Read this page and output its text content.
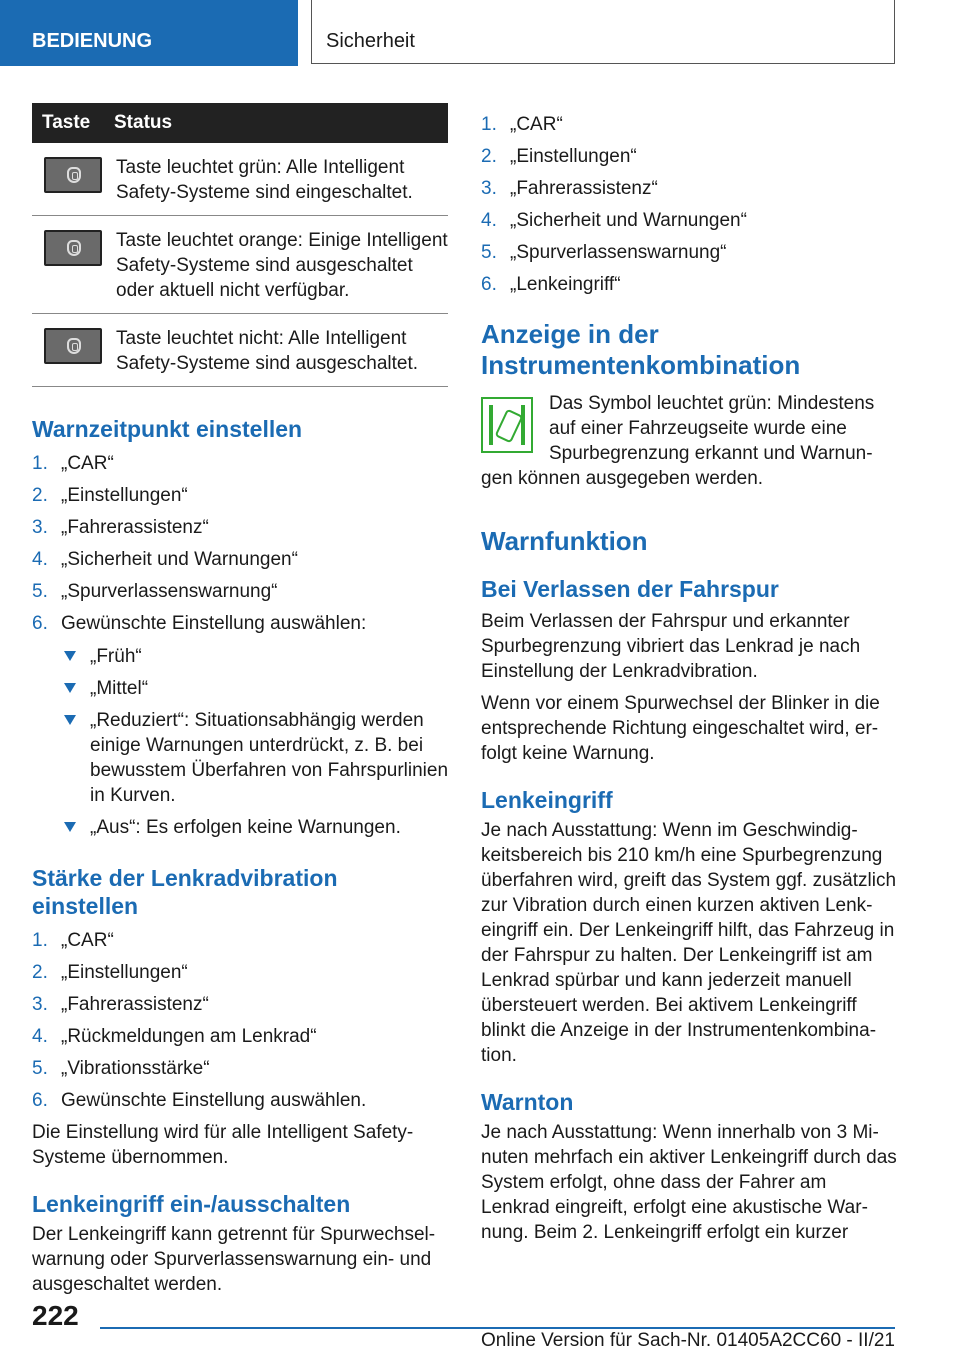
BEDIENUNG	Sicherheit
Taste	Status

	Taste leuchtet grün: Alle Intelligent Safety-Systeme sind eingeschaltet.

	Taste leuchtet orange: Einige Intelligent Safety-Systeme sind ausgeschaltet oder aktuell nicht verfügbar.

	Taste leuchtet nicht: Alle Intelligent Safety-Systeme sind ausgeschaltet.
Warnzeitpunkt einstellen
1. „CAR“
2. „Einstellungen“
3. „Fahrerassistenz“
4. „Sicherheit und Warnungen“
5. „Spurverlassenswarnung“
6. Gewünschte Einstellung auswählen:
„Früh“
„Mittel“
„Reduziert“: Situationsabhängig werden einige Warnungen unterdrückt, z. B. bei bewusstem Überfahren von Fahrspurlinien in Kurven.
„Aus“: Es erfolgen keine Warnungen.
Stärke der Lenkradvibration einstellen
1. „CAR“
2. „Einstellungen“
3. „Fahrerassistenz“
4. „Rückmeldungen am Lenkrad“
5. „Vibrationsstärke“
6. Gewünschte Einstellung auswählen.

Die Einstellung wird für alle Intelligent Safety-Systeme übernommen.

Lenkeingriff ein-/ausschalten

Der Lenkeingriff kann getrennt für Spurwechselwarnung oder Spurverlassenswarnung ein- und ausgeschaltet werden.

1. „CAR“
2. „Einstellungen“
3. „Fahrerassistenz“
4. „Sicherheit und Warnungen“
5. „Spurverlassenswarnung“
6. „Lenkeingriff“
Anzeige in der Instrumentenkombination

Das Symbol leuchtet grün: Mindestens auf einer Fahrzeugseite wurde eine Spurbegrenzung erkannt und Warnungen können ausgegeben werden.

Warnfunktion
Bei Verlassen der Fahrspur

Beim Verlassen der Fahrspur und erkannter Spurbegrenzung vibriert das Lenkrad je nach Einstellung der Lenkradvibration.

Wenn vor einem Spurwechsel der Blinker in die entsprechende Richtung eingeschaltet wird, erfolgt keine Warnung.

Lenkeingriff

Je nach Ausstattung: Wenn im Geschwindigkeitsbereich bis 210 km/h eine Spurbegrenzung überfahren wird, greift das System ggf. zusätzlich zur Vibration durch einen kurzen aktiven Lenkeingriff ein. Der Lenkeingriff hilft, das Fahrzeug in der Fahrspur zu halten. Der Lenkeingriff ist am Lenkrad spürbar und kann jederzeit manuell übersteuert werden. Bei aktivem Lenkeingriff blinkt die Anzeige in der Instrumentenkombination.

Warnton

Je nach Ausstattung: Wenn innerhalb von 3 Minuten mehrfach ein aktiver Lenkeingriff durch das System erfolgt, ohne dass der Fahrer am Lenkrad eingreift, erfolgt eine akustische Warnung. Beim 2. Lenkeingriff erfolgt ein kurzer

222
Online Version für Sach-Nr. 01405A2CC60 - II/21
